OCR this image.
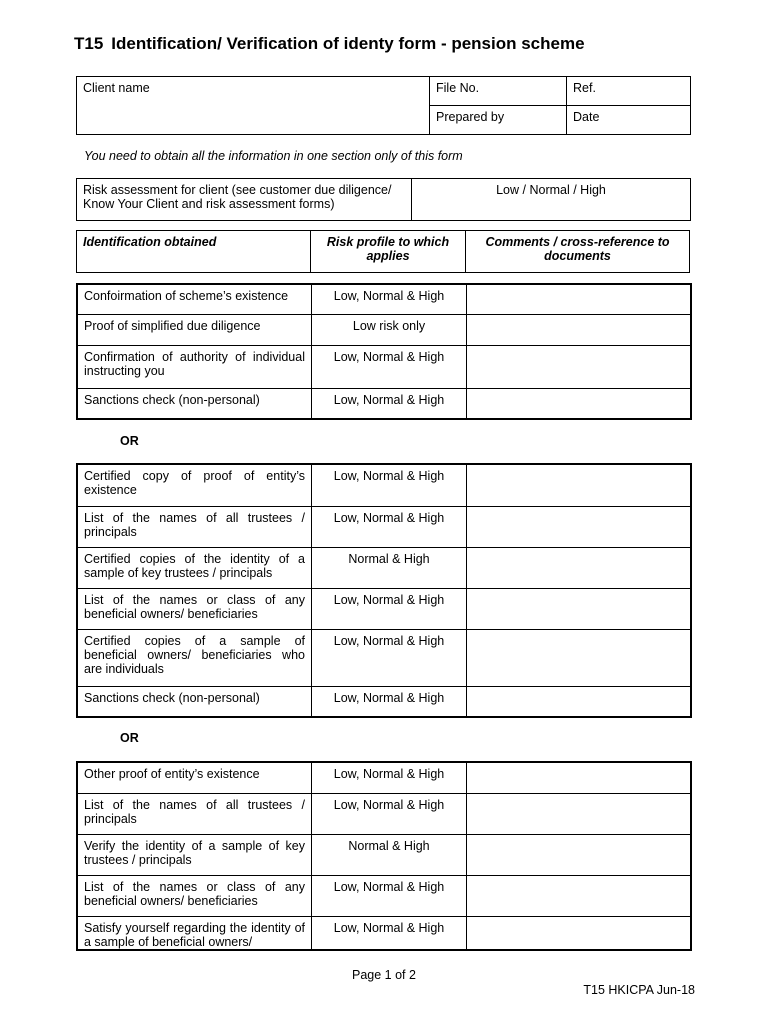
T15 Identification/ Verification of identy form - pension scheme
Client name	File No.	Ref.
	Prepared by	Date
You need to obtain all the information in one section only of this form
Risk assessment for client (see customer due diligence/ Know Your Client and risk assessment forms)	Low / Normal / High
Identification obtained	Risk profile to which applies	Comments / cross-reference to documents
Confoirmation of scheme’s existence	Low, Normal & High	
Proof of simplified due diligence	Low risk only	
Confirmation of authority of individual instructing you	Low, Normal & High	
Sanctions check (non-personal)	Low, Normal & High	
OR
Certified copy of proof of entity’s existence	Low, Normal & High	
List of the names of all trustees / principals	Low, Normal & High	
Certified copies of the identity of a sample of key trustees / principals	Normal & High	
List of the names or class of any beneficial owners/ beneficiaries	Low, Normal & High	
Certified copies of a sample of beneficial owners/ beneficiaries who are individuals	Low, Normal & High	
Sanctions check (non-personal)	Low, Normal & High	
OR
Other proof of entity’s existence	Low, Normal & High	
List of the names of all trustees / principals	Low, Normal & High	
Verify the identity of a sample of key trustees / principals	Normal & High	
List of the names or class of any beneficial owners/ beneficiaries	Low, Normal & High	
Satisfy yourself regarding the identity of a sample of beneficial owners/	Low, Normal & High	
Page 1 of 2
T15 HKICPA Jun-18
